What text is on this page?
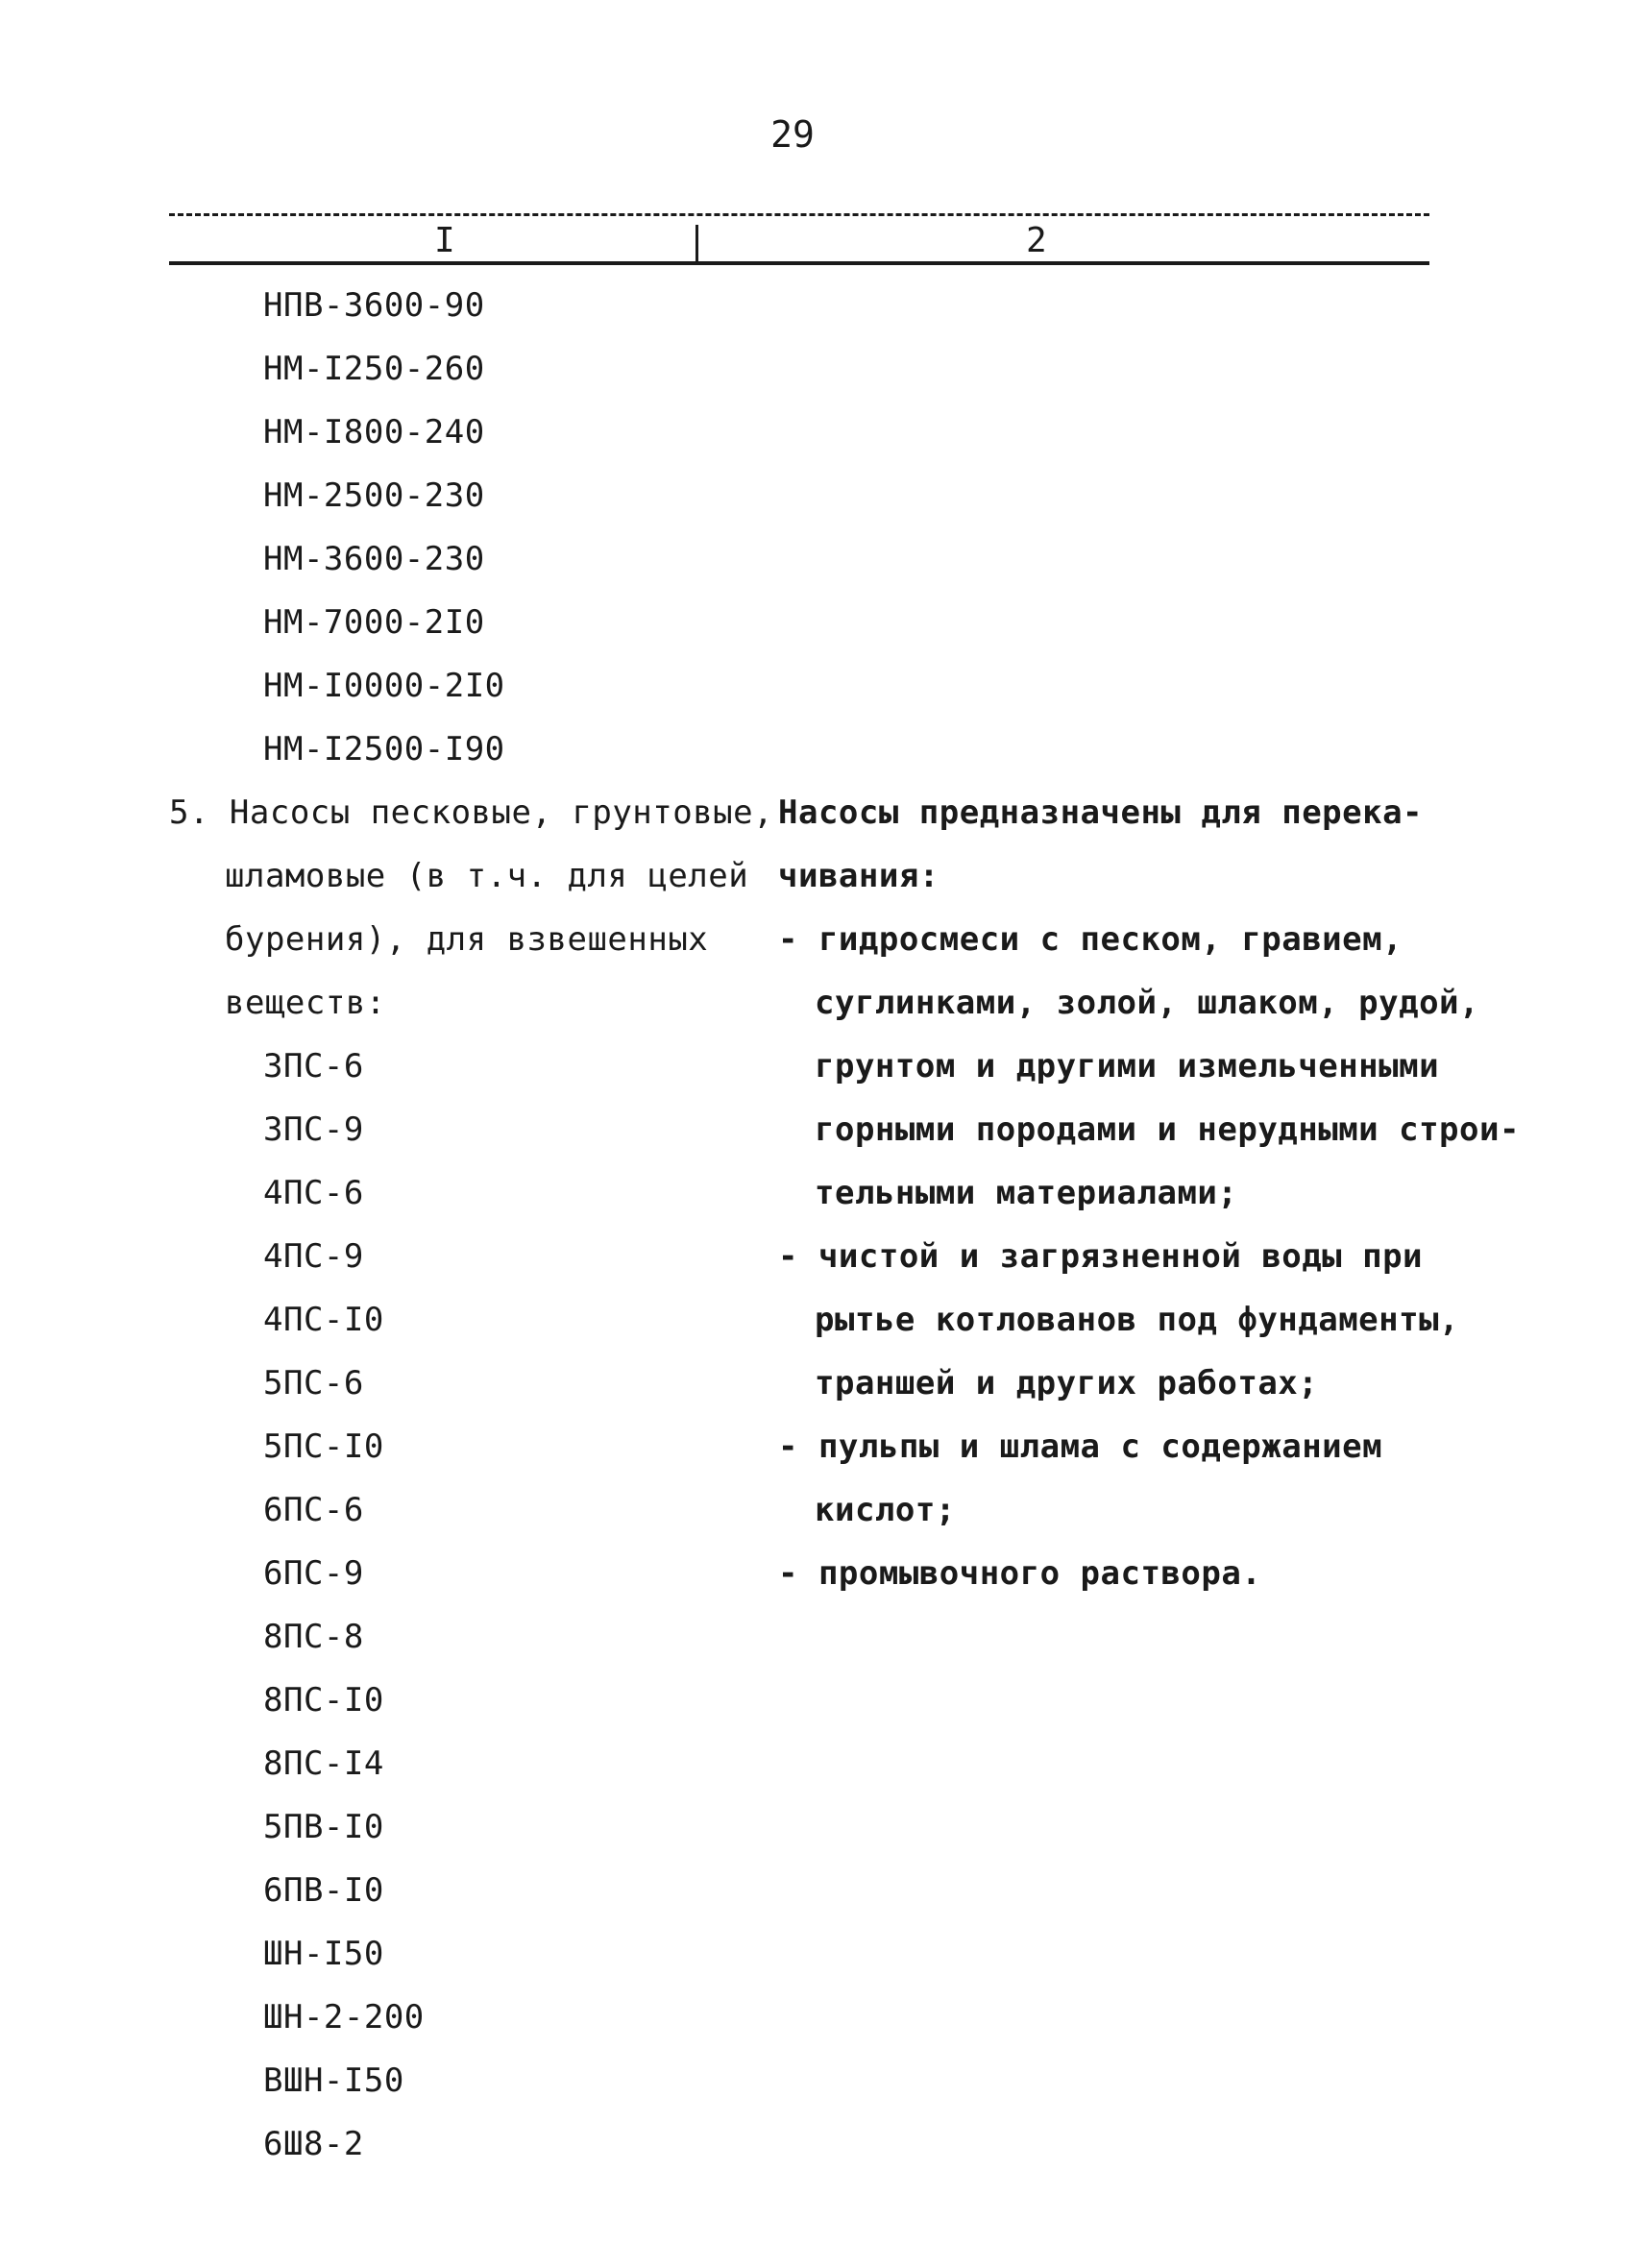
29
I	2
НПВ-3600-90
НМ-I250-260
НМ-I800-240
НМ-2500-230
НМ-3600-230
НМ-7000-2I0
НМ-I0000-2I0
НМ-I2500-I90
5. Насосы песковые, грунтовые,
шламовые (в т.ч. для целей
бурения), для взвешенных
веществ:
3ПС-6
3ПС-9
4ПС-6
4ПС-9
4ПС-I0
5ПС-6
5ПС-I0
6ПС-6
6ПС-9
8ПС-8
8ПС-I0
8ПС-I4
5ПВ-I0
6ПВ-I0
ШН-I50
ШН-2-200
ВШН-I50
6Ш8-2
Насосы предназначены для перека-
чивания:
- гидросмеси с песком, гравием,
суглинками, золой, шлаком, рудой,
грунтом и другими измельченными
горными породами и нерудными строи-
тельными материалами;
- чистой и загрязненной воды при
рытье котлованов под фундаменты,
траншей и других работах;
- пульпы и шлама с содержанием
кислот;
- промывочного раствора.
